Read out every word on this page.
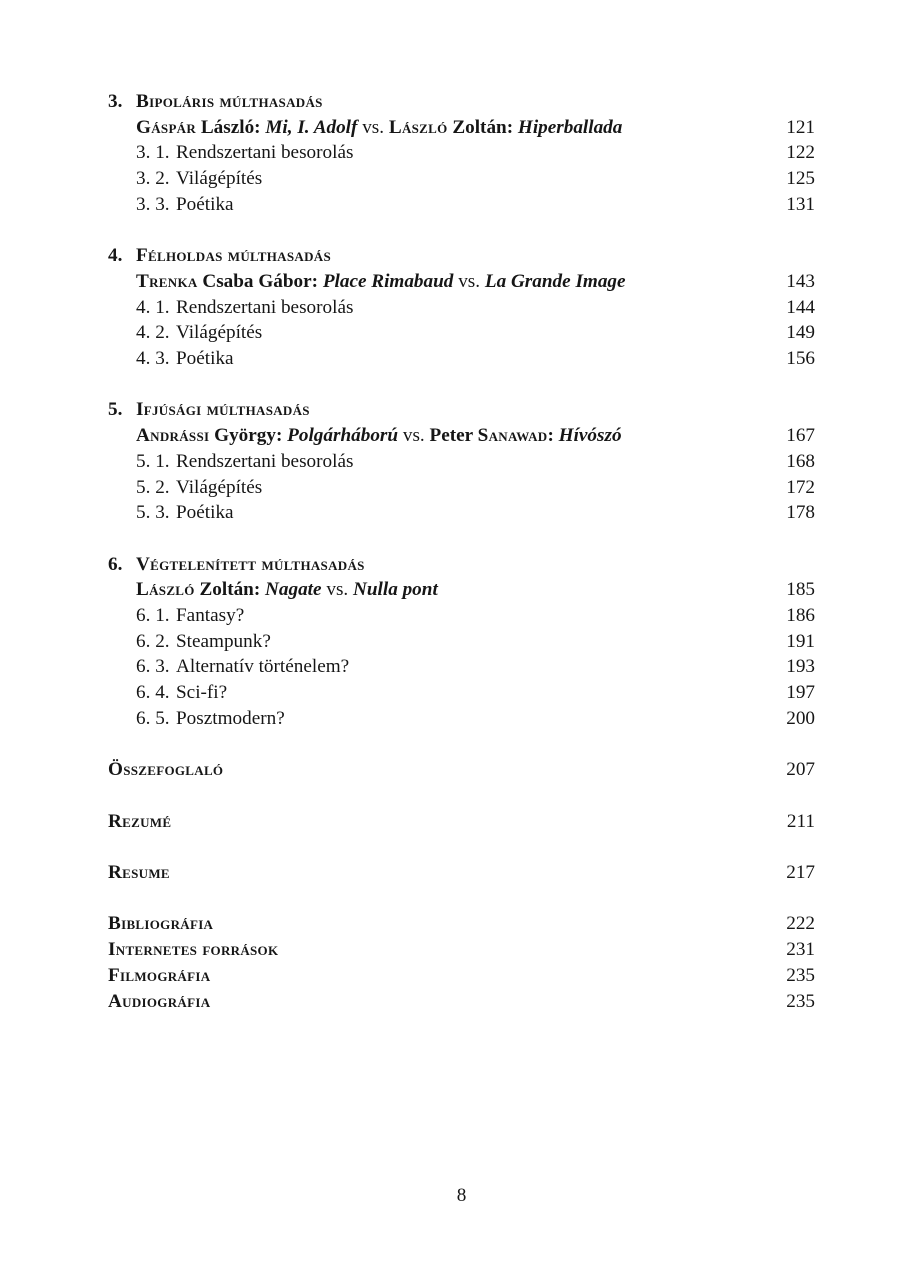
3. Bipoláris múlthasadás
Gáspár László: Mi, I. Adolf vs. László Zoltán: Hiperballada	121
3. 1. Rendszertani besorolás	122
3. 2. Világépítés	125
3. 3. Poétika	131
4. Félholdas múlthasadás
Trenka Csaba Gábor: Place Rimabaud vs. La Grande Image	143
4. 1. Rendszertani besorolás	144
4. 2. Világépítés	149
4. 3. Poétika	156
5. Ifjúsági múlthasadás
Andrássi György: Polgárháború vs. Peter Sanawad: Hívószó	167
5. 1. Rendszertani besorolás	168
5. 2. Világépítés	172
5. 3. Poétika	178
6. Végtelenített múlthasadás
László Zoltán: Nagate vs. Nulla pont	185
6. 1. Fantasy?	186
6. 2. Steampunk?	191
6. 3. Alternatív történelem?	193
6. 4. Sci-fi?	197
6. 5. Posztmodern?	200
Összefoglaló	207
Rezumé	211
Resume	217
Bibliográfia	222
Internetes források	231
Filmográfia	235
Audiográfia	235
8
